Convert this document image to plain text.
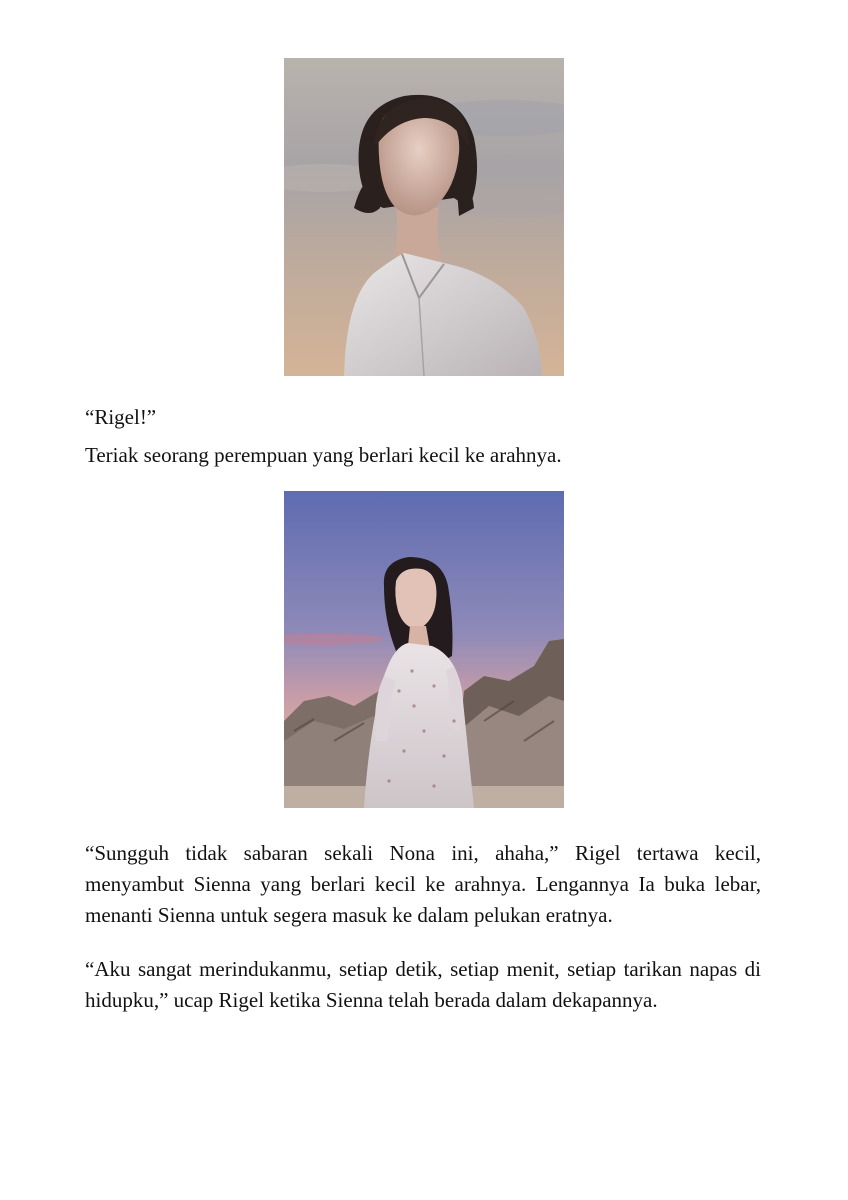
“Rigel!”

Teriak seorang perempuan yang berlari kecil ke arahnya.

“Sungguh tidak sabaran sekali Nona ini, ahaha,” Rigel tertawa kecil, menyambut Sienna yang berlari kecil ke arahnya. Lengannya Ia buka lebar, menanti Sienna untuk segera masuk ke dalam pelukan eratnya.

“Aku sangat merindukanmu, setiap detik, setiap menit, setiap tarikan napas di hidupku,” ucap Rigel ketika Sienna telah berada dalam dekapannya.
